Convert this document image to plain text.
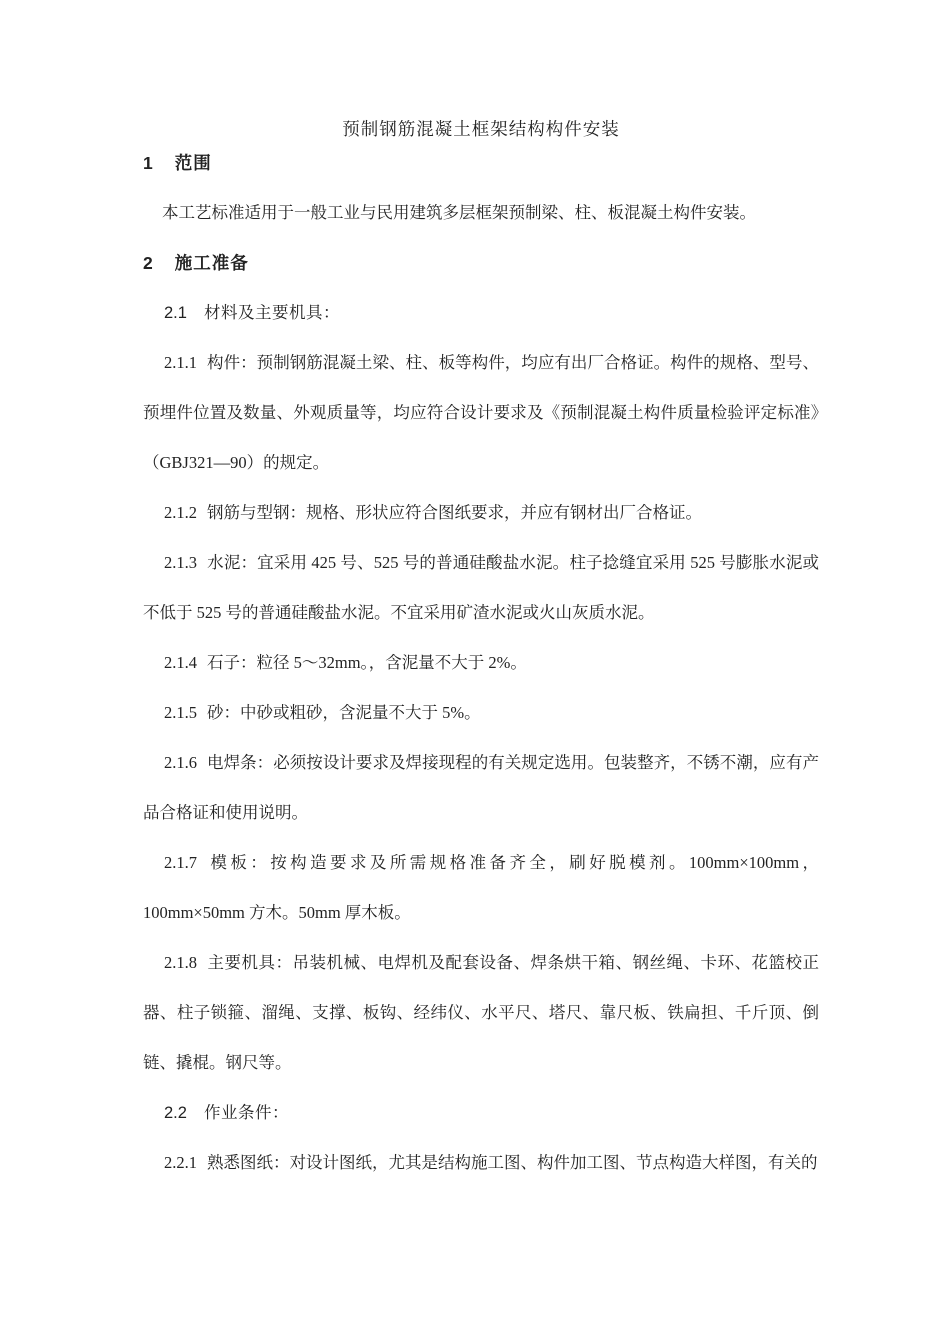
预制钢筋混凝土框架结构构件安装

1 范围

本工艺标准适用于一般工业与民用建筑多层框架预制梁、柱、板混凝土构件安装。

2 施工准备

2.1 材料及主要机具：

2.1.1 构件：预制钢筋混凝土梁、柱、板等构件，均应有出厂合格证。构件的规格、型号、预埋件位置及数量、外观质量等，均应符合设计要求及《预制混凝土构件质量检验评定标准》（GBJ321—90）的规定。

2.1.2 钢筋与型钢：规格、形状应符合图纸要求，并应有钢材出厂合格证。

2.1.3 水泥：宜采用 425 号、525 号的普通硅酸盐水泥。柱子捻缝宜采用 525 号膨胀水泥或不低于 525 号的普通硅酸盐水泥。不宜采用矿渣水泥或火山灰质水泥。

2.1.4 石子：粒径 5～32mm。，含泥量不大于 2%。

2.1.5 砂：中砂或粗砂，含泥量不大于 5%。

2.1.6 电焊条：必须按设计要求及焊接现程的有关规定选用。包装整齐，不锈不潮，应有产品合格证和使用说明。

2.1.7 模板：按构造要求及所需规格准备齐全，刷好脱模剂。100mm×100mm，100mm×50mm 方木。50mm 厚木板。

2.1.8 主要机具：吊装机械、电焊机及配套设备、焊条烘干箱、钢丝绳、卡环、花篮校正器、柱子锁箍、溜绳、支撑、板钩、经纬仪、水平尺、塔尺、靠尺板、铁扁担、千斤顶、倒链、撬棍。钢尺等。

2.2 作业条件：

2.2.1 熟悉图纸：对设计图纸，尤其是结构施工图、构件加工图、节点构造大样图，有关的
